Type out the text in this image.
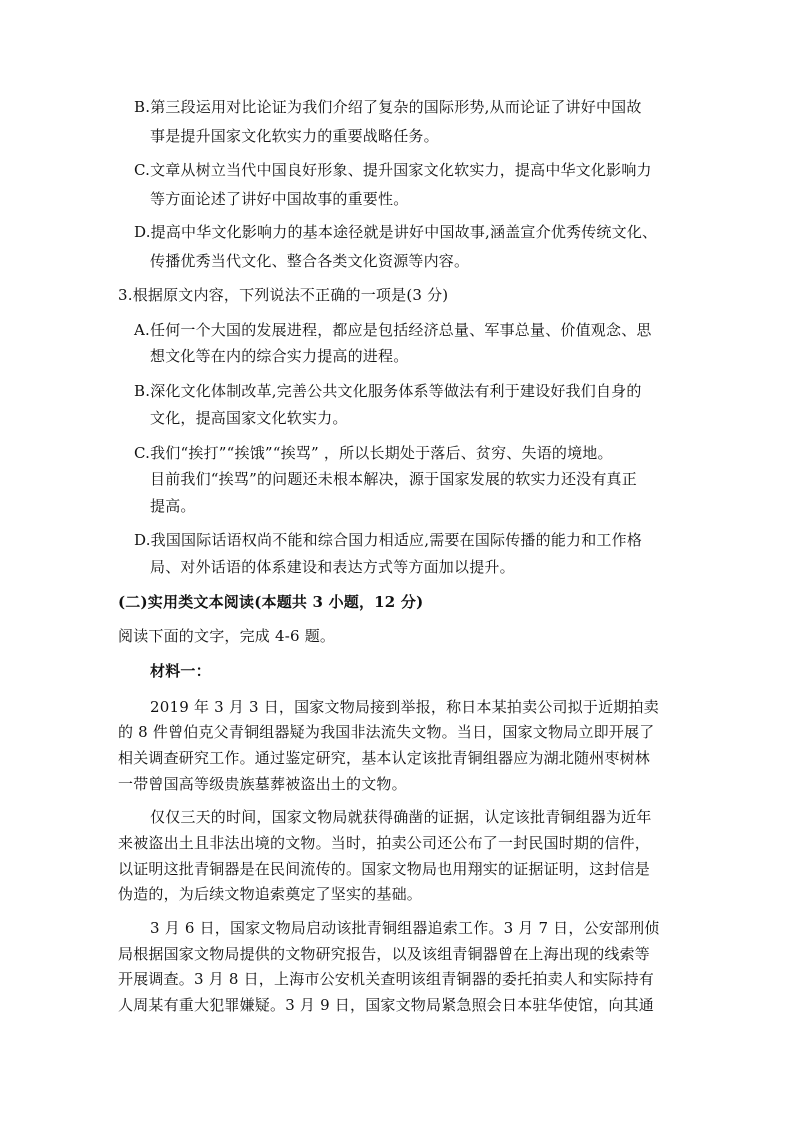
B.第三段运用对比论证为我们介绍了复杂的国际形势,从而论证了讲好中国故
事是提升国家文化软实力的重要战略任务。
C.文章从树立当代中国良好形象、提升国家文化软实力，提高中华文化影响力
等方面论述了讲好中国故事的重要性。
D.提高中华文化影响力的基本途径就是讲好中国故事,涵盖宣介优秀传统文化、
传播优秀当代文化、整合各类文化资源等内容。
3.根据原文内容，下列说法不正确的一项是(3 分)
A.任何一个大国的发展进程，都应是包括经济总量、军事总量、价值观念、思
想文化等在内的综合实力提高的进程。
B.深化文化体制改革,完善公共文化服务体系等做法有利于建设好我们自身的
文化，提高国家文化软实力。
C.我们“挨打”“挨饿”“挨骂” ，所以长期处于落后、贫穷、失语的境地。
目前我们“挨骂”的问题还未根本解决，源于国家发展的软实力还没有真正
提高。
D.我国国际话语权尚不能和综合国力相适应,需要在国际传播的能力和工作格
局、对外话语的体系建设和表达方式等方面加以提升。
(二)实用类文本阅读(本题共 3 小题，12 分)
阅读下面的文字，完成 4-6 题。
材料一：
2019 年 3 月 3 日，国家文物局接到举报，称日本某拍卖公司拟于近期拍卖
的 8 件曾伯克父青铜组器疑为我国非法流失文物。当日，国家文物局立即开展了
相关调查研究工作。通过鉴定研究，基本认定该批青铜组器应为湖北随州枣树林
一带曾国高等级贵族墓葬被盗出土的文物。
仅仅三天的时间，国家文物局就获得确凿的证据，认定该批青铜组器为近年
来被盗出土且非法出境的文物。当时，拍卖公司还公布了一封民国时期的信件，
以证明这批青铜器是在民间流传的。国家文物局也用翔实的证据证明，这封信是
伪造的，为后续文物追索奠定了坚实的基础。
3 月 6 日，国家文物局启动该批青铜组器追索工作。3 月 7 日，公安部刑侦
局根据国家文物局提供的文物研究报告，以及该组青铜器曾在上海出现的线索等
开展调查。3 月 8 日，上海市公安机关查明该组青铜器的委托拍卖人和实际持有
人周某有重大犯罪嫌疑。3 月 9 日，国家文物局紧急照会日本驻华使馆，向其通
